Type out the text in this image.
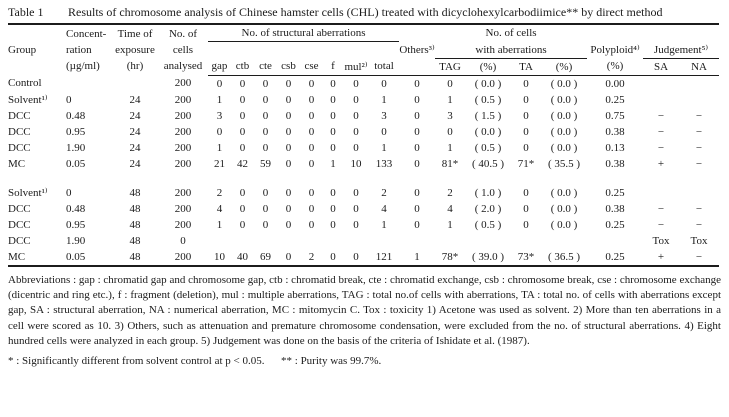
Table 1	Results of chromosome analysis of Chinese hamster cells (CHL) treated with dicyclohexylcarbodiimice** by direct method
Group	
Concent-
ration
(µg/ml)

Time of
exposure
(hr)

No. of
cells
analysed
	No. of structural aberrations		No. of cells		
												Others³⁾	with aberrations				Polyploid⁴⁾	Judgement⁵⁾	
				gap	ctb	cte	csb	cse	f	mul²⁾	total		TAG	(%)	TA	(%)	(%)	SA	NA
Control			200	0	0	0	0	0	0	0	0	0	0	( 0.0 )	0	( 0.0 )	0.00		
Solvent¹⁾	0	24	200	1	0	0	0	0	0	0	1	0	1	( 0.5 )	0	( 0.0 )	0.25		
DCC	0.48	24	200	3	0	0	0	0	0	0	3	0	3	( 1.5 )	0	( 0.0 )	0.75	−	−
DCC	0.95	24	200	0	0	0	0	0	0	0	0	0	0	( 0.0 )	0	( 0.0 )	0.38	−	−
DCC	1.90	24	200	1	0	0	0	0	0	0	1	0	1	( 0.5 )	0	( 0.0 )	0.13	−	−
MC	0.05	24	200	21	42	59	0	0	1	10	133	0	81*	( 40.5 )	71*	( 35.5 )	0.38	+	−

Solvent¹⁾	0	48	200	2	0	0	0	0	0	0	2	0	2	( 1.0 )	0	( 0.0 )	0.25		
DCC	0.48	48	200	4	0	0	0	0	0	0	4	0	4	( 2.0 )	0	( 0.0 )	0.38	−	−
DCC	0.95	48	200	1	0	0	0	0	0	0	1	0	1	( 0.5 )	0	( 0.0 )	0.25	−	−
DCC	1.90	48	0															Tox	Tox
MC	0.05	48	200	10	40	69	0	2	0	0	121	1	78*	( 39.0 )	73*	( 36.5 )	0.25	+	−
Abbreviations : gap : chromatid gap and chromosome gap, ctb : chromatid break, cte : chromatid exchange, csb : chromosome break, cse : chromosome exchange (dicentric and ring etc.), f : fragment (deletion), mul : multiple aberrations, TAG : total no.of cells with aberrations, TA : total no. of cells with aberrations except gap, SA : structural aberration, NA : numerical aberration, MC : mitomycin C. Tox : toxicity 1) Acetone was used as solvent. 2) More than ten aberrations in a cell were scored as 10. 3) Others, such as attenuation and premature chromosome condensation, were excluded from the no. of structural aberrations. 4) Eight hundred cells were analyzed in each group. 5) Judgement was done on the basis of the criteria of Ishidate et al. (1987).
* : Significantly different from solvent control at p < 0.05.      ** : Purity was 99.7%.
